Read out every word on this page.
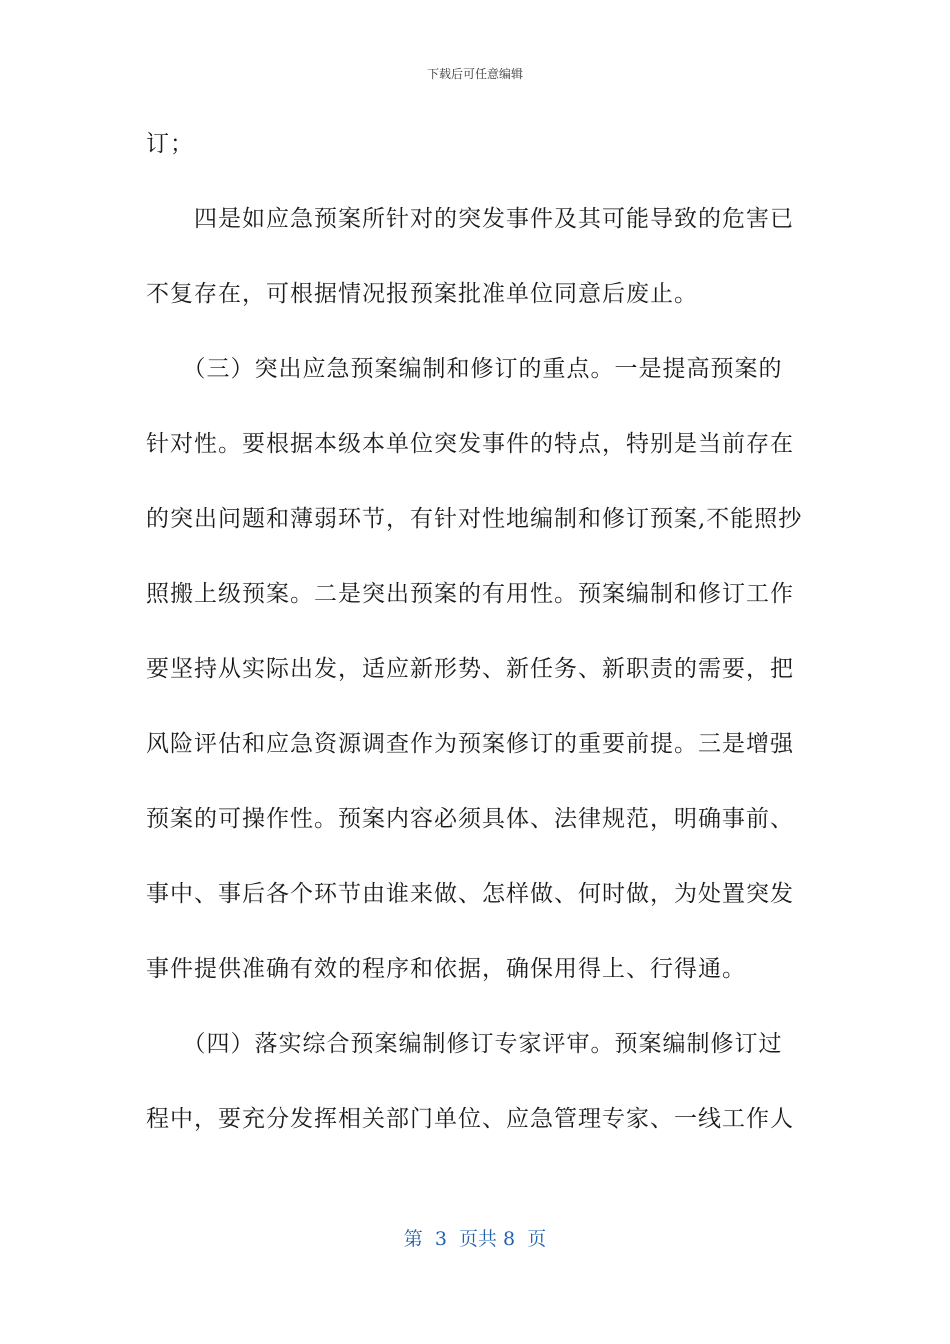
下载后可任意编辑
订；
　　四是如应急预案所针对的突发事件及其可能导致的危害已
不复存在，可根据情况报预案批准单位同意后废止。
　　（三）突出应急预案编制和修订的重点。一是提高预案的
针对性。要根据本级本单位突发事件的特点，特别是当前存在
的突出问题和薄弱环节，有针对性地编制和修订预案,不能照抄
照搬上级预案。二是突出预案的有用性。预案编制和修订工作
要坚持从实际出发，适应新形势、新任务、新职责的需要，把
风险评估和应急资源调查作为预案修订的重要前提。三是增强
预案的可操作性。预案内容必须具体、法律规范，明确事前、
事中、事后各个环节由谁来做、怎样做、何时做，为处置突发
事件提供准确有效的程序和依据，确保用得上、行得通。
　　（四）落实综合预案编制修订专家评审。预案编制修订过
程中，要充分发挥相关部门单位、应急管理专家、一线工作人
第  3  页共 8  页
